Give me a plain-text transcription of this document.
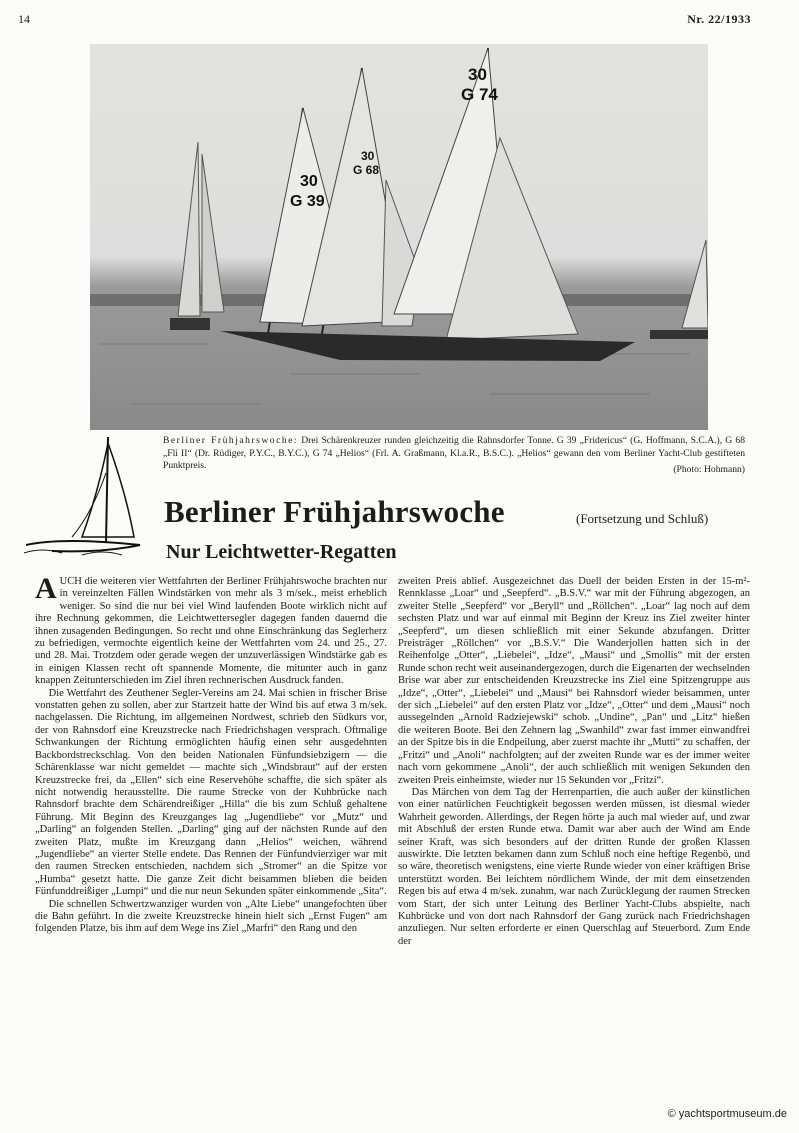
14	Nr. 22/1933
30
G 39
30
G 68
30
G 74
Berliner Frühjahrswoche: Drei Schärenkreuzer runden gleichzeitig die Rahnsdorfer Tonne. G 39 „Fridericus“ (G. Hoffmann, S.C.A.), G 68 „Fli II“ (Dr. Rüdiger, P.Y.C., B.Y.C.), G 74 „Helios“ (Frl. A. Graßmann, Kl.a.R., B.S.C.). „Helios“ gewann den vom Berliner Yacht-Club gestifteten Punktpreis.	(Photo: Hohmann)
Berliner Frühjahrswoche	(Fortsetzung und Schluß)
Nur Leichtwetter-Regatten

AUCH die weiteren vier Wettfahrten der Berliner Frühjahrswoche brachten nur in vereinzelten Fällen Windstärken von mehr als 3 m/sek., meist erheblich weniger. So sind die nur bei viel Wind laufenden Boote wirklich nicht auf ihre Rechnung gekommen, die Leichtwettersegler dagegen fanden dauernd die ihnen zusagenden Bedingungen. So recht und ohne Einschränkung das Seglerherz zu befriedigen, vermochte eigentlich keine der Wettfahrten vom 24. und 25., 27. und 28. Mai. Trotzdem oder gerade wegen der unzuverlässigen Windstärke gab es in einigen Klassen recht oft spannende Momente, die mitunter auch in ganz knappen Zeitunterschieden im Ziel ihren rechnerischen Ausdruck fanden.

Die Wettfahrt des Zeuthener Segler-Vereins am 24. Mai schien in frischer Brise vonstatten gehen zu sollen, aber zur Startzeit hatte der Wind bis auf etwa 3 m/sek. nachgelassen. Die Richtung, im allgemeinen Nordwest, schrieb den Südkurs vor, der von Rahnsdorf eine Kreuzstrecke nach Friedrichshagen versprach. Oftmalige Schwankungen der Richtung ermöglichten häufig einen sehr ausgedehnten Backbordstreckschlag. Von den beiden Nationalen Fünfundsiebzigern — die Schärenklasse war nicht gemeldet — machte sich „Windsbraut“ auf der ersten Kreuzstrecke frei, da „Ellen“ sich eine Reservehöhe schaffte, die sich später als nicht notwendig herausstellte. Die raume Strecke von der Kuhbrücke nach Rahnsdorf brachte dem Schärendreißiger „Hilla“ die bis zum Schluß gehaltene Führung. Mit Beginn des Kreuzganges lag „Jugendliebe“ vor „Mutz“ und „Darling“ an folgenden Stellen. „Darling“ ging auf der nächsten Runde auf den zweiten Platz, mußte im Kreuzgang dann „Helios“ weichen, während „Jugendliebe“ an vierter Stelle endete. Das Rennen der Fünfundvierziger war mit den raumen Strecken entschieden, nachdem sich „Stromer“ an die Spitze vor „Humba“ gesetzt hatte. Die ganze Zeit dicht beisammen blieben die beiden Fünfunddreißiger „Lumpi“ und die nur neun Sekunden später einkommende „Sita“.

Die schnellen Schwertzwanziger wurden von „Alte Liebe“ unangefochten über die Bahn geführt. In die zweite Kreuzstrecke hinein hielt sich „Ernst Fugen“ am folgenden Platze, bis ihm auf dem Wege ins Ziel „Marfri“ den Rang und den

zweiten Preis ablief. Ausgezeichnet das Duell der beiden Ersten in der 15-m²-Rennklasse „Loar“ und „Seepferd“. „B.S.V.“ war mit der Führung abgezogen, an zweiter Stelle „Seepferd“ vor „Beryll“ und „Röllchen“. „Loar“ lag noch auf dem sechsten Platz und war auf einmal mit Beginn der Kreuz ins Ziel zweiter hinter „Seepferd“, um diesen schließlich mit einer Sekunde abzufangen. Dritter Preisträger „Röllchen“ vor „B.S.V.“ Die Wanderjollen hatten sich in der Reihenfolge „Otter“, „Liebelei“, „Idze“, „Mausi“ und „Smollis“ mit der ersten Runde schon recht weit auseinandergezogen, durch die Eigenarten der wechselnden Brise war aber zur entscheidenden Kreuzstrecke ins Ziel eine Spitzengruppe aus „Idze“, „Otter“, „Liebelei“ und „Mausi“ bei Rahnsdorf wieder beisammen, unter der sich „Liebelei“ auf den ersten Platz vor „Idze“, „Otter“ und dem „Mausi“ noch aussegelnden „Arnold Radziejewski“ schob. „Undine“, „Pan“ und „Litz“ hießen die weiteren Boote. Bei den Zehnern lag „Swanhild“ zwar fast immer einwandfrei an der Spitze bis in die Endpeilung, aber zuerst machte ihr „Mutti“ zu schaffen, der „Fritzi“ und „Anoli“ nachfolgten; auf der zweiten Runde war es der immer weiter nach vorn gekommene „Anoli“, der auch schließlich mit wenigen Sekunden den zweiten Preis einheimste, wieder nur 15 Sekunden vor „Fritzi“.

Das Märchen von dem Tag der Herrenpartien, die auch außer der künstlichen von einer natürlichen Feuchtigkeit begossen werden müssen, ist diesmal wieder Wahrheit geworden. Allerdings, der Regen hörte ja auch mal wieder auf, und zwar mit Abschluß der ersten Runde etwa. Damit war aber auch der Wind am Ende seiner Kraft, was sich besonders auf der dritten Runde der großen Klassen auswirkte. Die letzten bekamen dann zum Schluß noch eine heftige Regenbö, und so wäre, theoretisch wenigstens, eine vierte Runde wieder von einer kräftigen Brise unterstützt worden. Bei leichtem nördlichem Winde, der mit dem einsetzenden Regen bis auf etwa 4 m/sek. zunahm, war nach Zurücklegung der raumen Strecken vom Start, der sich unter Leitung des Berliner Yacht-Clubs abspielte, nach Kuhbrücke und von dort nach Rahnsdorf der Gang zurück nach Friedrichshagen anzuliegen. Nur selten erforderte er einen Querschlag auf Steuerbord. Zum Ende der

© yachtsportmuseum.de
